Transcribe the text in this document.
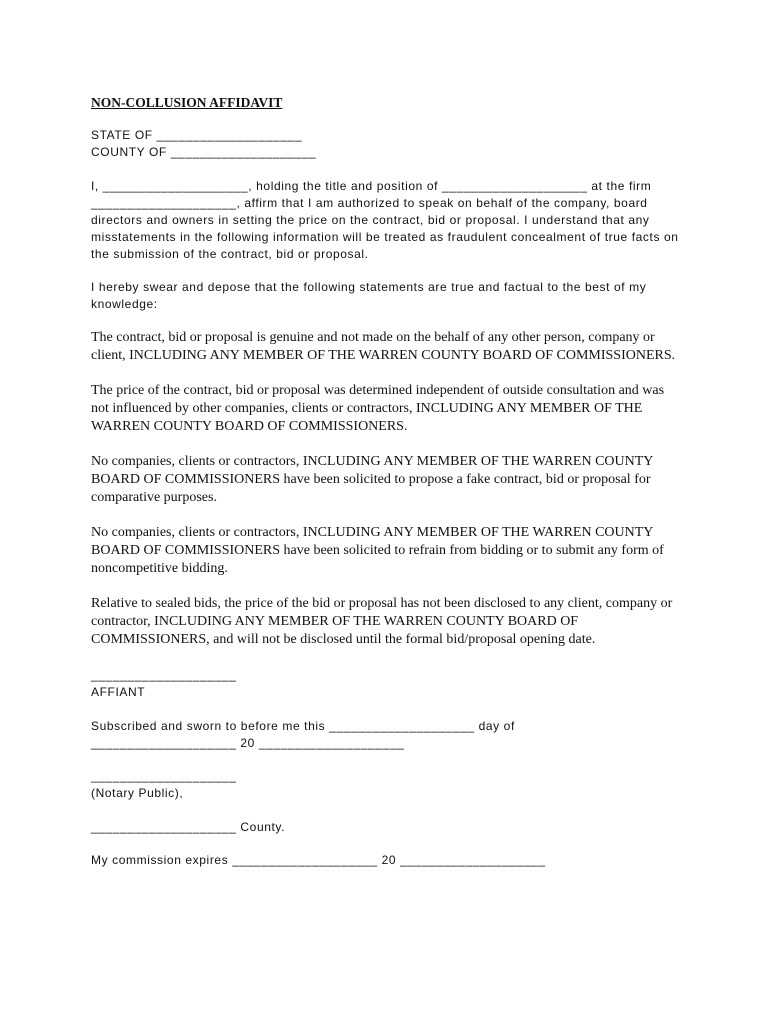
NON-COLLUSION AFFIDAVIT

STATE OF ____________________

COUNTY OF ____________________

I, ____________________, holding the title and position of ____________________ at the firm ____________________, affirm that I am authorized to speak on behalf of the company, board directors and owners in setting the price on the contract, bid or proposal. I understand that any misstatements in the following information will be treated as fraudulent concealment of true facts on the submission of the contract, bid or proposal.

I hereby swear and depose that the following statements are true and factual to the best of my knowledge:

The contract, bid or proposal is genuine and not made on the behalf of any other person, company or client, INCLUDING ANY MEMBER OF THE WARREN COUNTY BOARD OF COMMISSIONERS.

The price of the contract, bid or proposal was determined independent of outside consultation and was not influenced by other companies, clients or contractors, INCLUDING ANY MEMBER OF THE WARREN COUNTY BOARD OF COMMISSIONERS.

No companies, clients or contractors, INCLUDING ANY MEMBER OF THE WARREN COUNTY BOARD OF COMMISSIONERS have been solicited to propose a fake contract, bid or proposal for comparative purposes.

No companies, clients or contractors, INCLUDING ANY MEMBER OF THE WARREN COUNTY BOARD OF COMMISSIONERS have been solicited to refrain from bidding or to submit any form of noncompetitive bidding.

Relative to sealed bids, the price of the bid or proposal has not been disclosed to any client, company or contractor, INCLUDING ANY MEMBER OF THE WARREN COUNTY BOARD OF COMMISSIONERS, and will not be disclosed until the formal bid/proposal opening date.

____________________

AFFIANT

Subscribed and sworn to before me this ____________________ day of

____________________ 20 ____________________

____________________

(Notary Public),

____________________ County.

My commission expires ____________________ 20 ____________________
